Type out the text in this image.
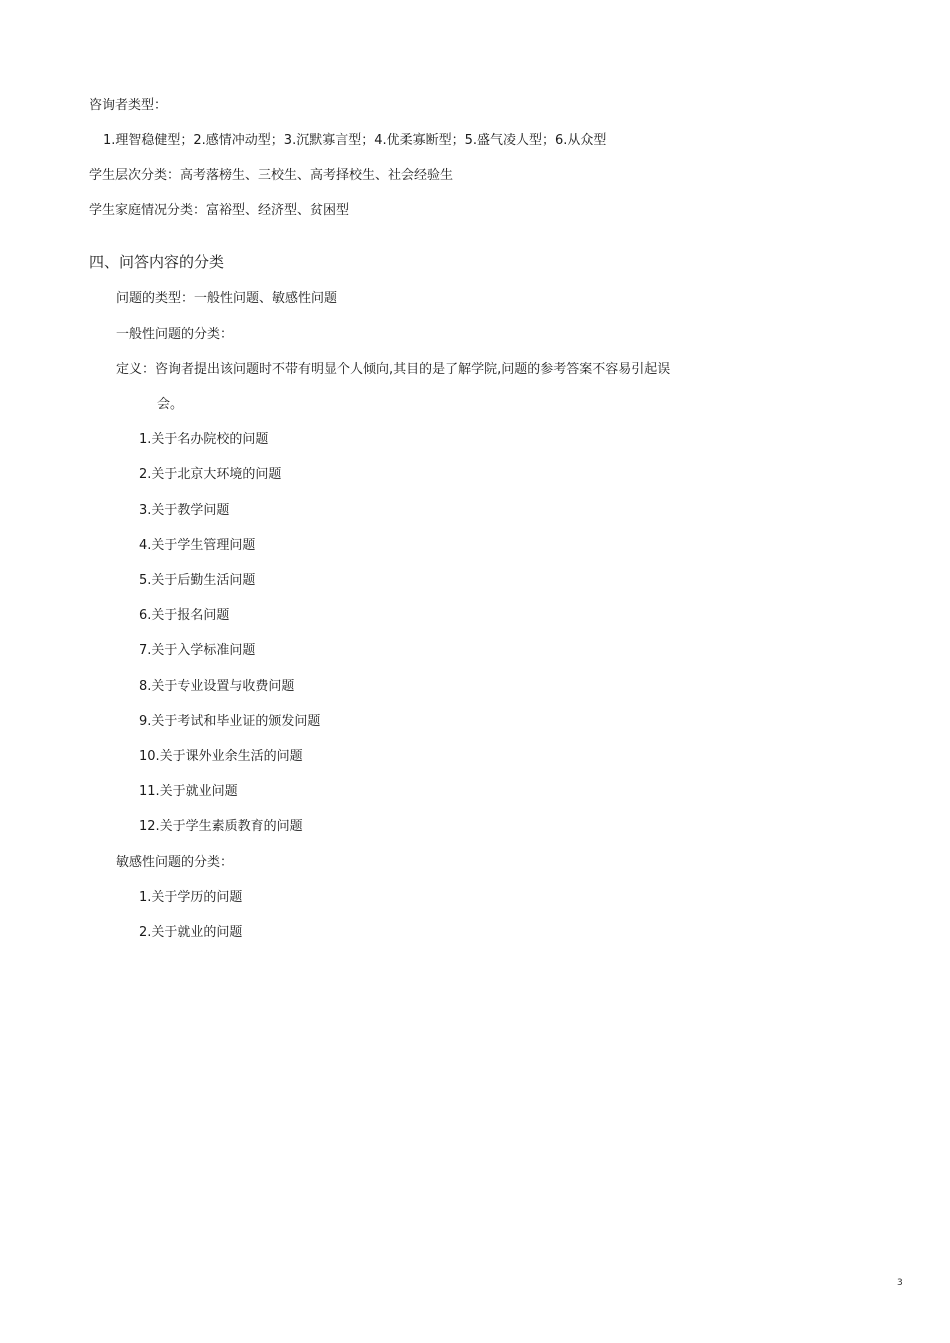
咨询者类型：
1.理智稳健型；2.感情冲动型；3.沉默寡言型；4.优柔寡断型；5.盛气凌人型；6.从众型
学生层次分类：高考落榜生、三校生、高考择校生、社会经验生
学生家庭情况分类：富裕型、经济型、贫困型
四、问答内容的分类
问题的类型：一般性问题、敏感性问题
一般性问题的分类：
定义：咨询者提出该问题时不带有明显个人倾向,其目的是了解学院,问题的参考答案不容易引起误
会。
1.关于名办院校的问题
2.关于北京大环境的问题
3.关于教学问题
4.关于学生管理问题
5.关于后勤生活问题
6.关于报名问题
7.关于入学标准问题
8.关于专业设置与收费问题
9.关于考试和毕业证的颁发问题
10.关于课外业余生活的问题
11.关于就业问题
12.关于学生素质教育的问题
敏感性问题的分类：
1.关于学历的问题
2.关于就业的问题
3
